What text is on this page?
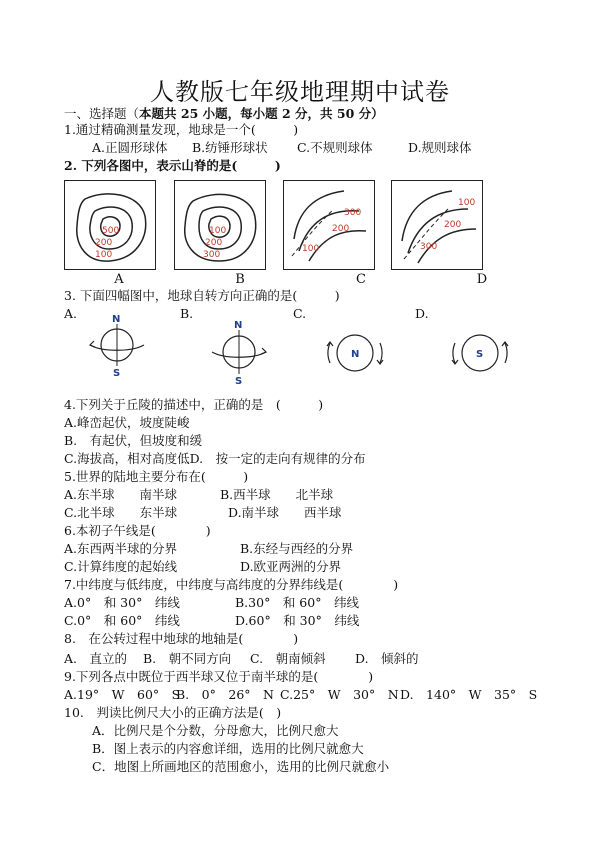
人教版七年级地理期中试卷
一、选择题（本题共 25 小题，每小题 2 分，共 50 分）
1.通过精确测量发现，地球是一个(　　　)
A.正圆形球体 B.纺锤形球状 C.不规则球体	D.规则球体
2. 下列各图中，表示山脊的是(　　　)
500
200
100
100
200
300
300
200
100
100
200
300
A	B	C	D
3. 下面四幅图中，地球自转方向正确的是(　　　)
A.	B.	C.	D.
N
S
N
S
N	S
4.下列关于丘陵的描述中，正确的是　(　　　)
A.峰峦起伏，坡度陡峻
B.　有起伏，但坡度和缓
C.海拔高，相对高度低D.　按一定的走向有规律的分布
5.世界的陆地主要分布在(　　　)
A.东半球　　南半球	B.西半球　　北半球
C.北半球　　东半球	D.南半球　　西半球
6.本初子午线是(　　　　)
A.东西两半球的分界	B.东经与西经的分界
C.计算纬度的起始线	D.欧亚两洲的分界
7.中纬度与低纬度，中纬度与高纬度的分界纬线是(　　　　)
A.0°　和 30°　纬线	B.30°　和 60°　纬线
C.0°　和 60°　纬线	D.60°　和 30°　纬线
8.　在公转过程中地球的地轴是(　　　　)
A.　直立的 B.　朝不同方向 C.　朝南倾斜 D.　倾斜的
9.下列各点中既位于西半球又位于南半球的是(　　　　)
A.19°　W　60°　S
B.　0°　26°　N C.25°　W　30°　N D.　140°　W　35°　S
10.　判读比例尺大小的正确方法是(　)
A．比例尺是个分数，分母愈大，比例尺愈大
B．图上表示的内容愈详细，选用的比例尺就愈大
C．地图上所画地区的范围愈小，选用的比例尺就愈小
